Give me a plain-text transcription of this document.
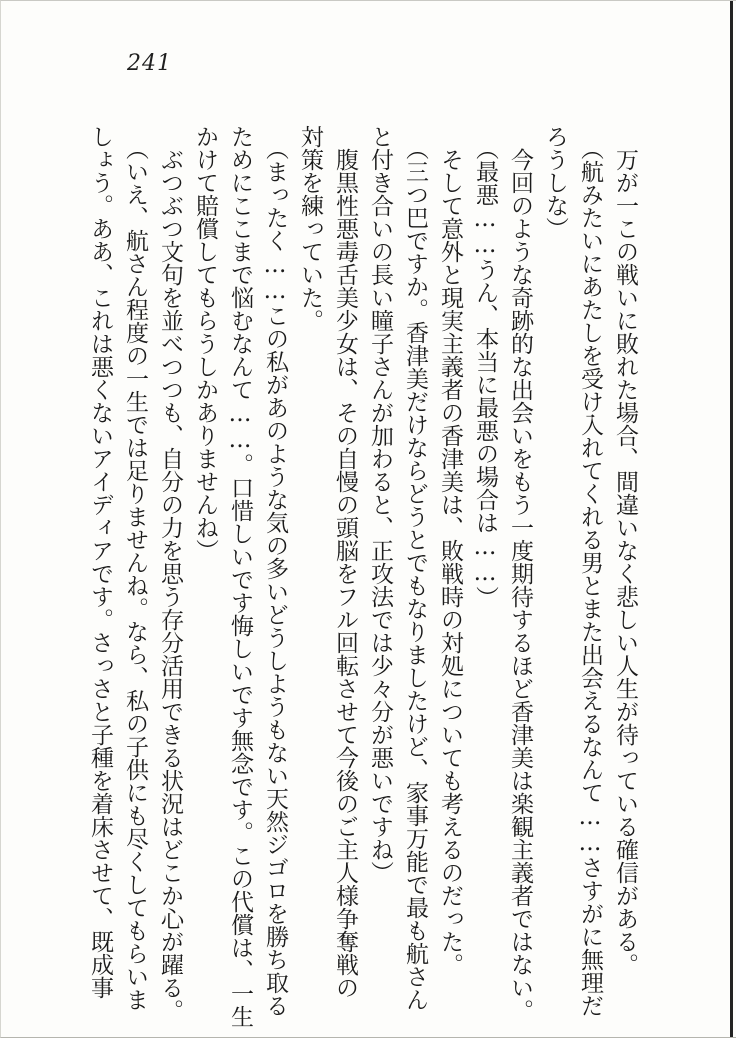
241
万が一この戦いに敗れた場合、間違いなく悲しい人生が待っている確信がある。
（航みたいにあたしを受け入れてくれる男とまた出会えるなんて……さすがに無理だ
ろうしな）
今回のような奇跡的な出会いをもう一度期待するほど香津美は楽観主義者ではない。
（最悪……うん、本当に最悪の場合は……）
そして意外と現実主義者の香津美は、敗戦時の対処についても考えるのだった。
（三つ巴ですか。香津美だけならどうとでもなりましたけど、家事万能で最も航さん
と付き合いの長い瞳子さんが加わると、正攻法では少々分が悪いですね）
腹黒性悪毒舌美少女は、その自慢の頭脳をフル回転させて今後のご主人様争奪戦の
対策を練っていた。
（まったく……この私があのような気の多いどうしようもない天然ジゴロを勝ち取る
ためにここまで悩むなんて……。口惜しいです悔しいです無念です。この代償は、一生
かけて賠償してもらうしかありませんね）
ぶつぶつ文句を並べつつも、自分の力を思う存分活用できる状況はどこか心が躍る。
（いえ、航さん程度の一生では足りませんね。なら、私の子供にも尽くしてもらいま
しょう。ああ、これは悪くないアイディアです。さっさと子種を着床させて、既成事
